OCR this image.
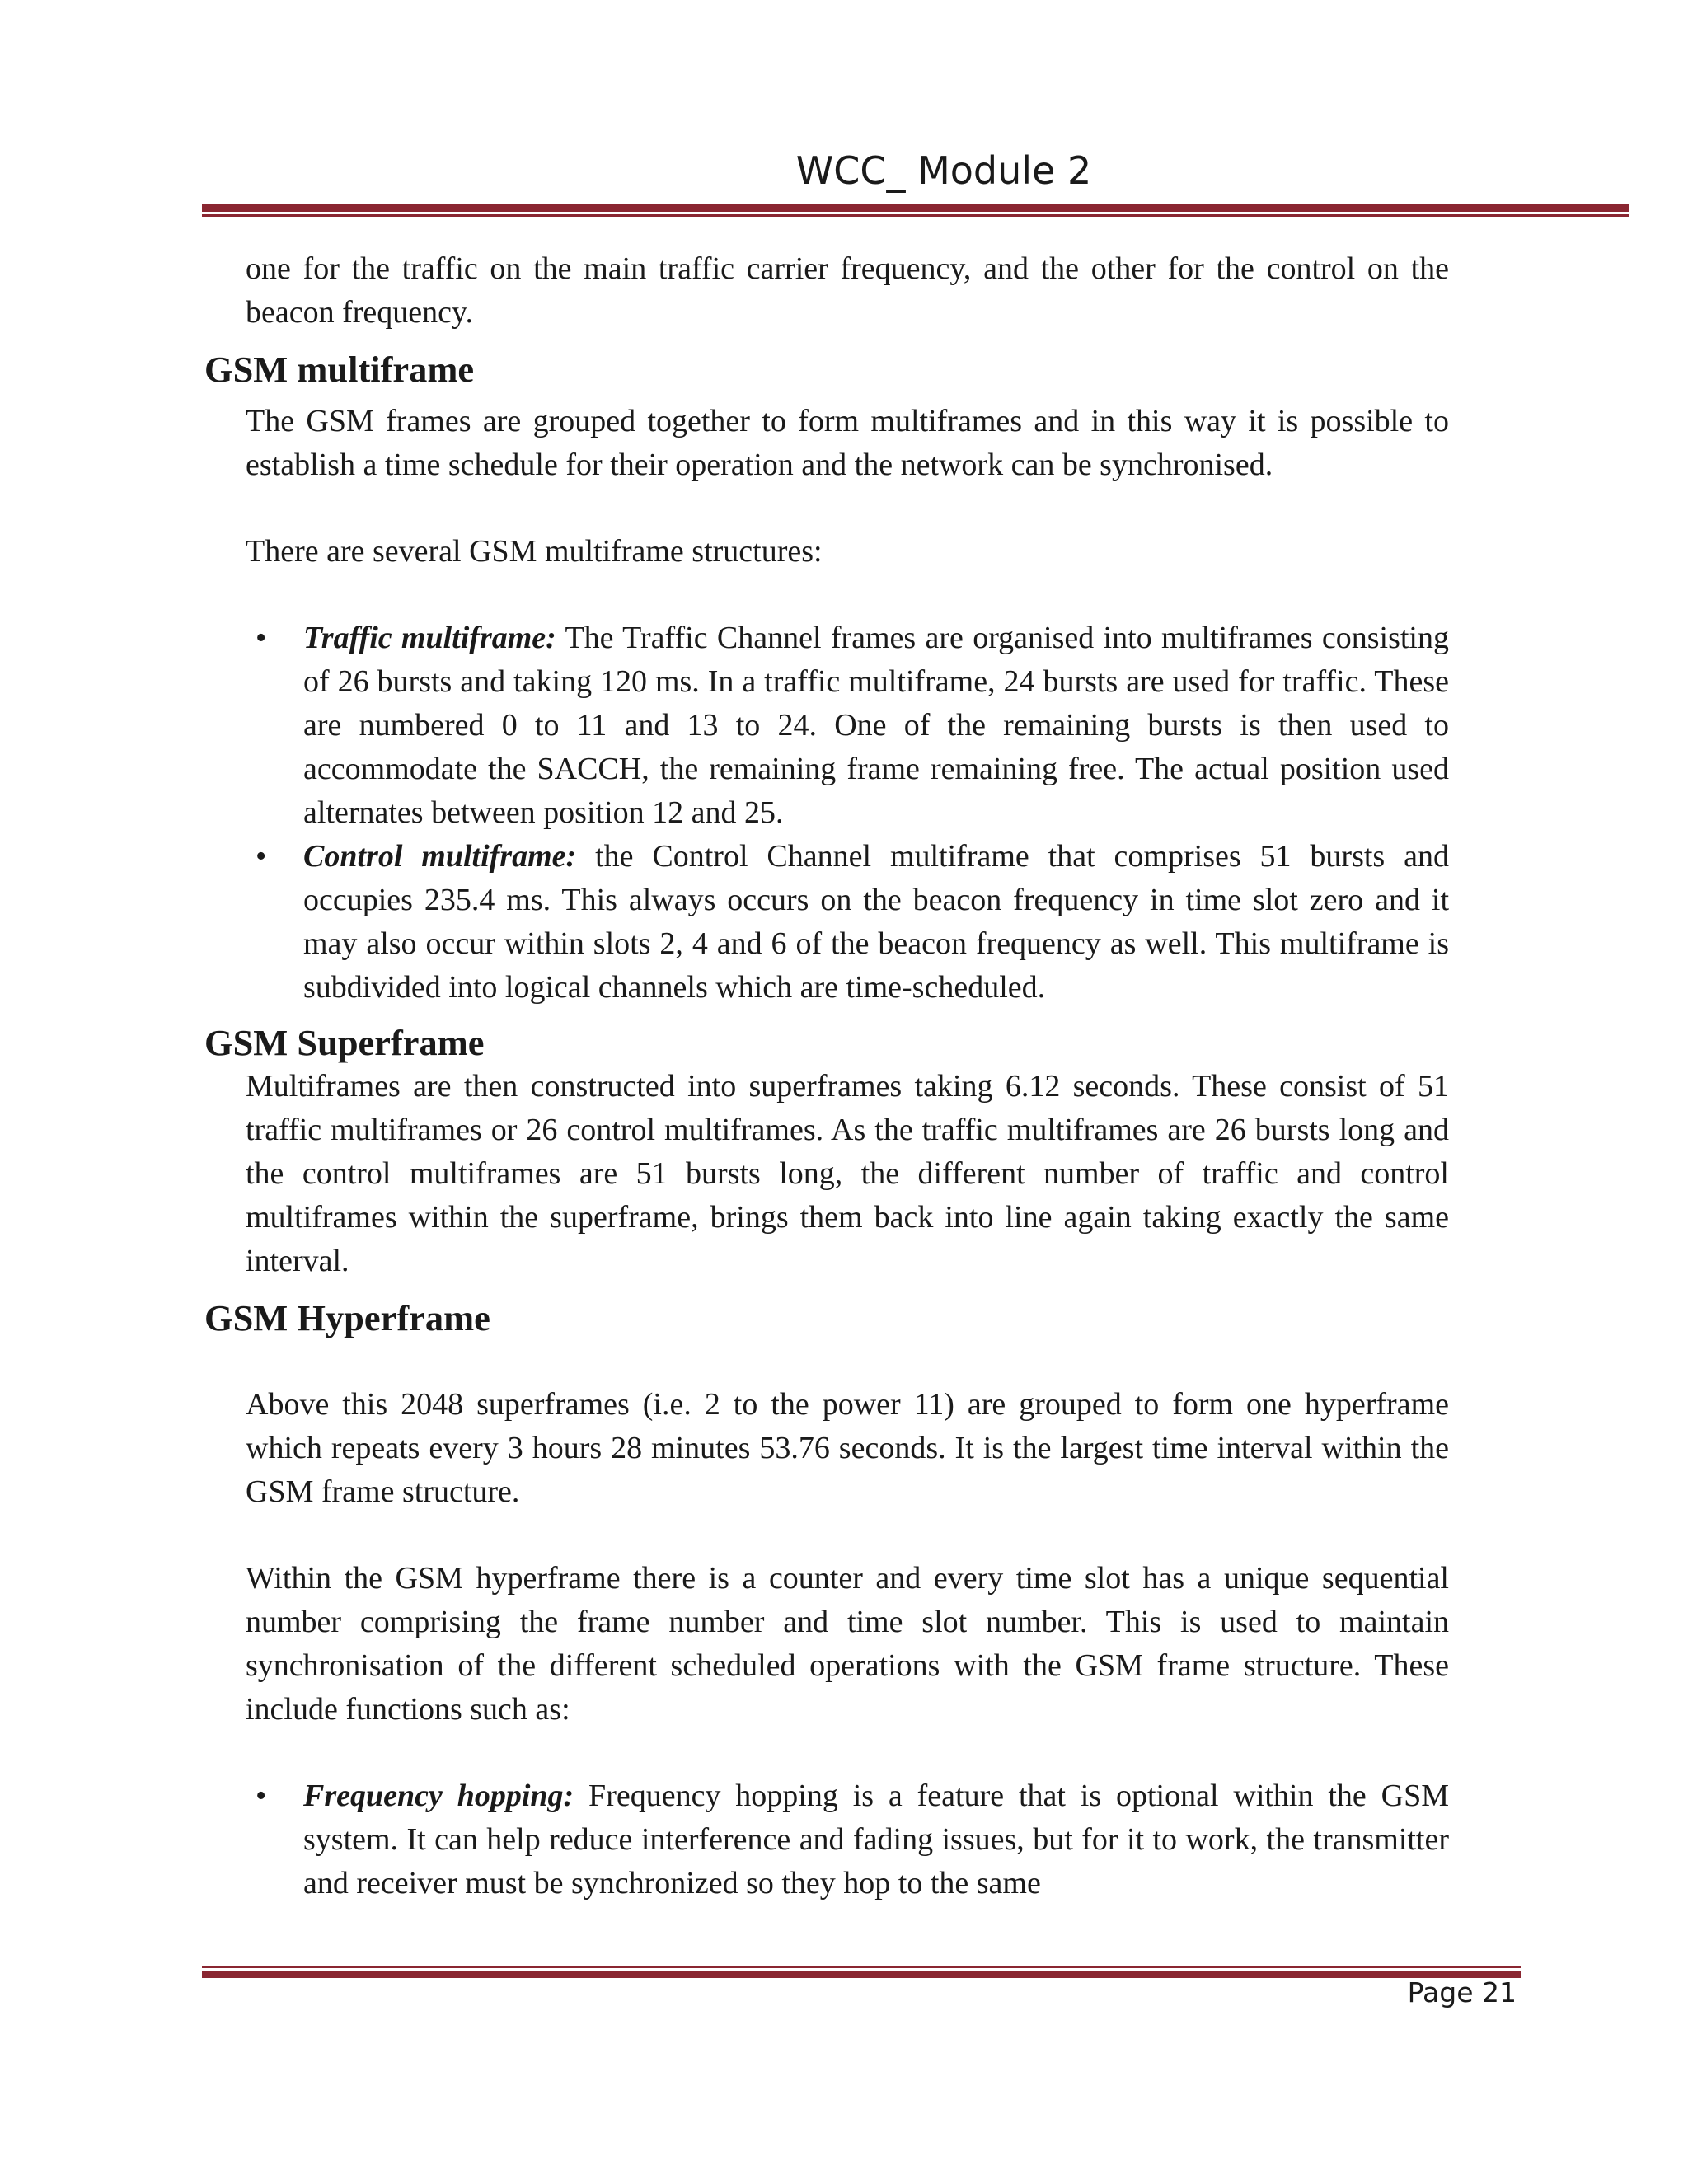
WCC_ Module 2

one for the traffic on the main traffic carrier frequency, and the other for the control on the beacon frequency.

GSM multiframe

The GSM frames are grouped together to form multiframes and in this way it is possible to establish a time schedule for their operation and the network can be synchronised.

There are several GSM multiframe structures:

• Traffic multiframe: The Traffic Channel frames are organised into multiframes consisting of 26 bursts and taking 120 ms. In a traffic multiframe, 24 bursts are used for traffic. These are numbered 0 to 11 and 13 to 24. One of the remaining bursts is then used to accommodate the SACCH, the remaining frame remaining free. The actual position used alternates between position 12 and 25.
• Control multiframe: the Control Channel multiframe that comprises 51 bursts and occupies 235.4 ms. This always occurs on the beacon frequency in time slot zero and it may also occur within slots 2, 4 and 6 of the beacon frequency as well. This multiframe is subdivided into logical channels which are time-scheduled.
GSM Superframe

Multiframes are then constructed into superframes taking 6.12 seconds. These consist of 51 traffic multiframes or 26 control multiframes. As the traffic multiframes are 26 bursts long and the control multiframes are 51 bursts long, the different number of traffic and control multiframes within the superframe, brings them back into line again taking exactly the same interval.

GSM Hyperframe

Above this 2048 superframes (i.e. 2 to the power 11) are grouped to form one hyperframe which repeats every 3 hours 28 minutes 53.76 seconds. It is the largest time interval within the GSM frame structure.

Within the GSM hyperframe there is a counter and every time slot has a unique sequential number comprising the frame number and time slot number. This is used to maintain synchronisation of the different scheduled operations with the GSM frame structure. These include functions such as:

• Frequency hopping: Frequency hopping is a feature that is optional within the GSM system. It can help reduce interference and fading issues, but for it to work, the transmitter and receiver must be synchronized so they hop to the same
Page 21
